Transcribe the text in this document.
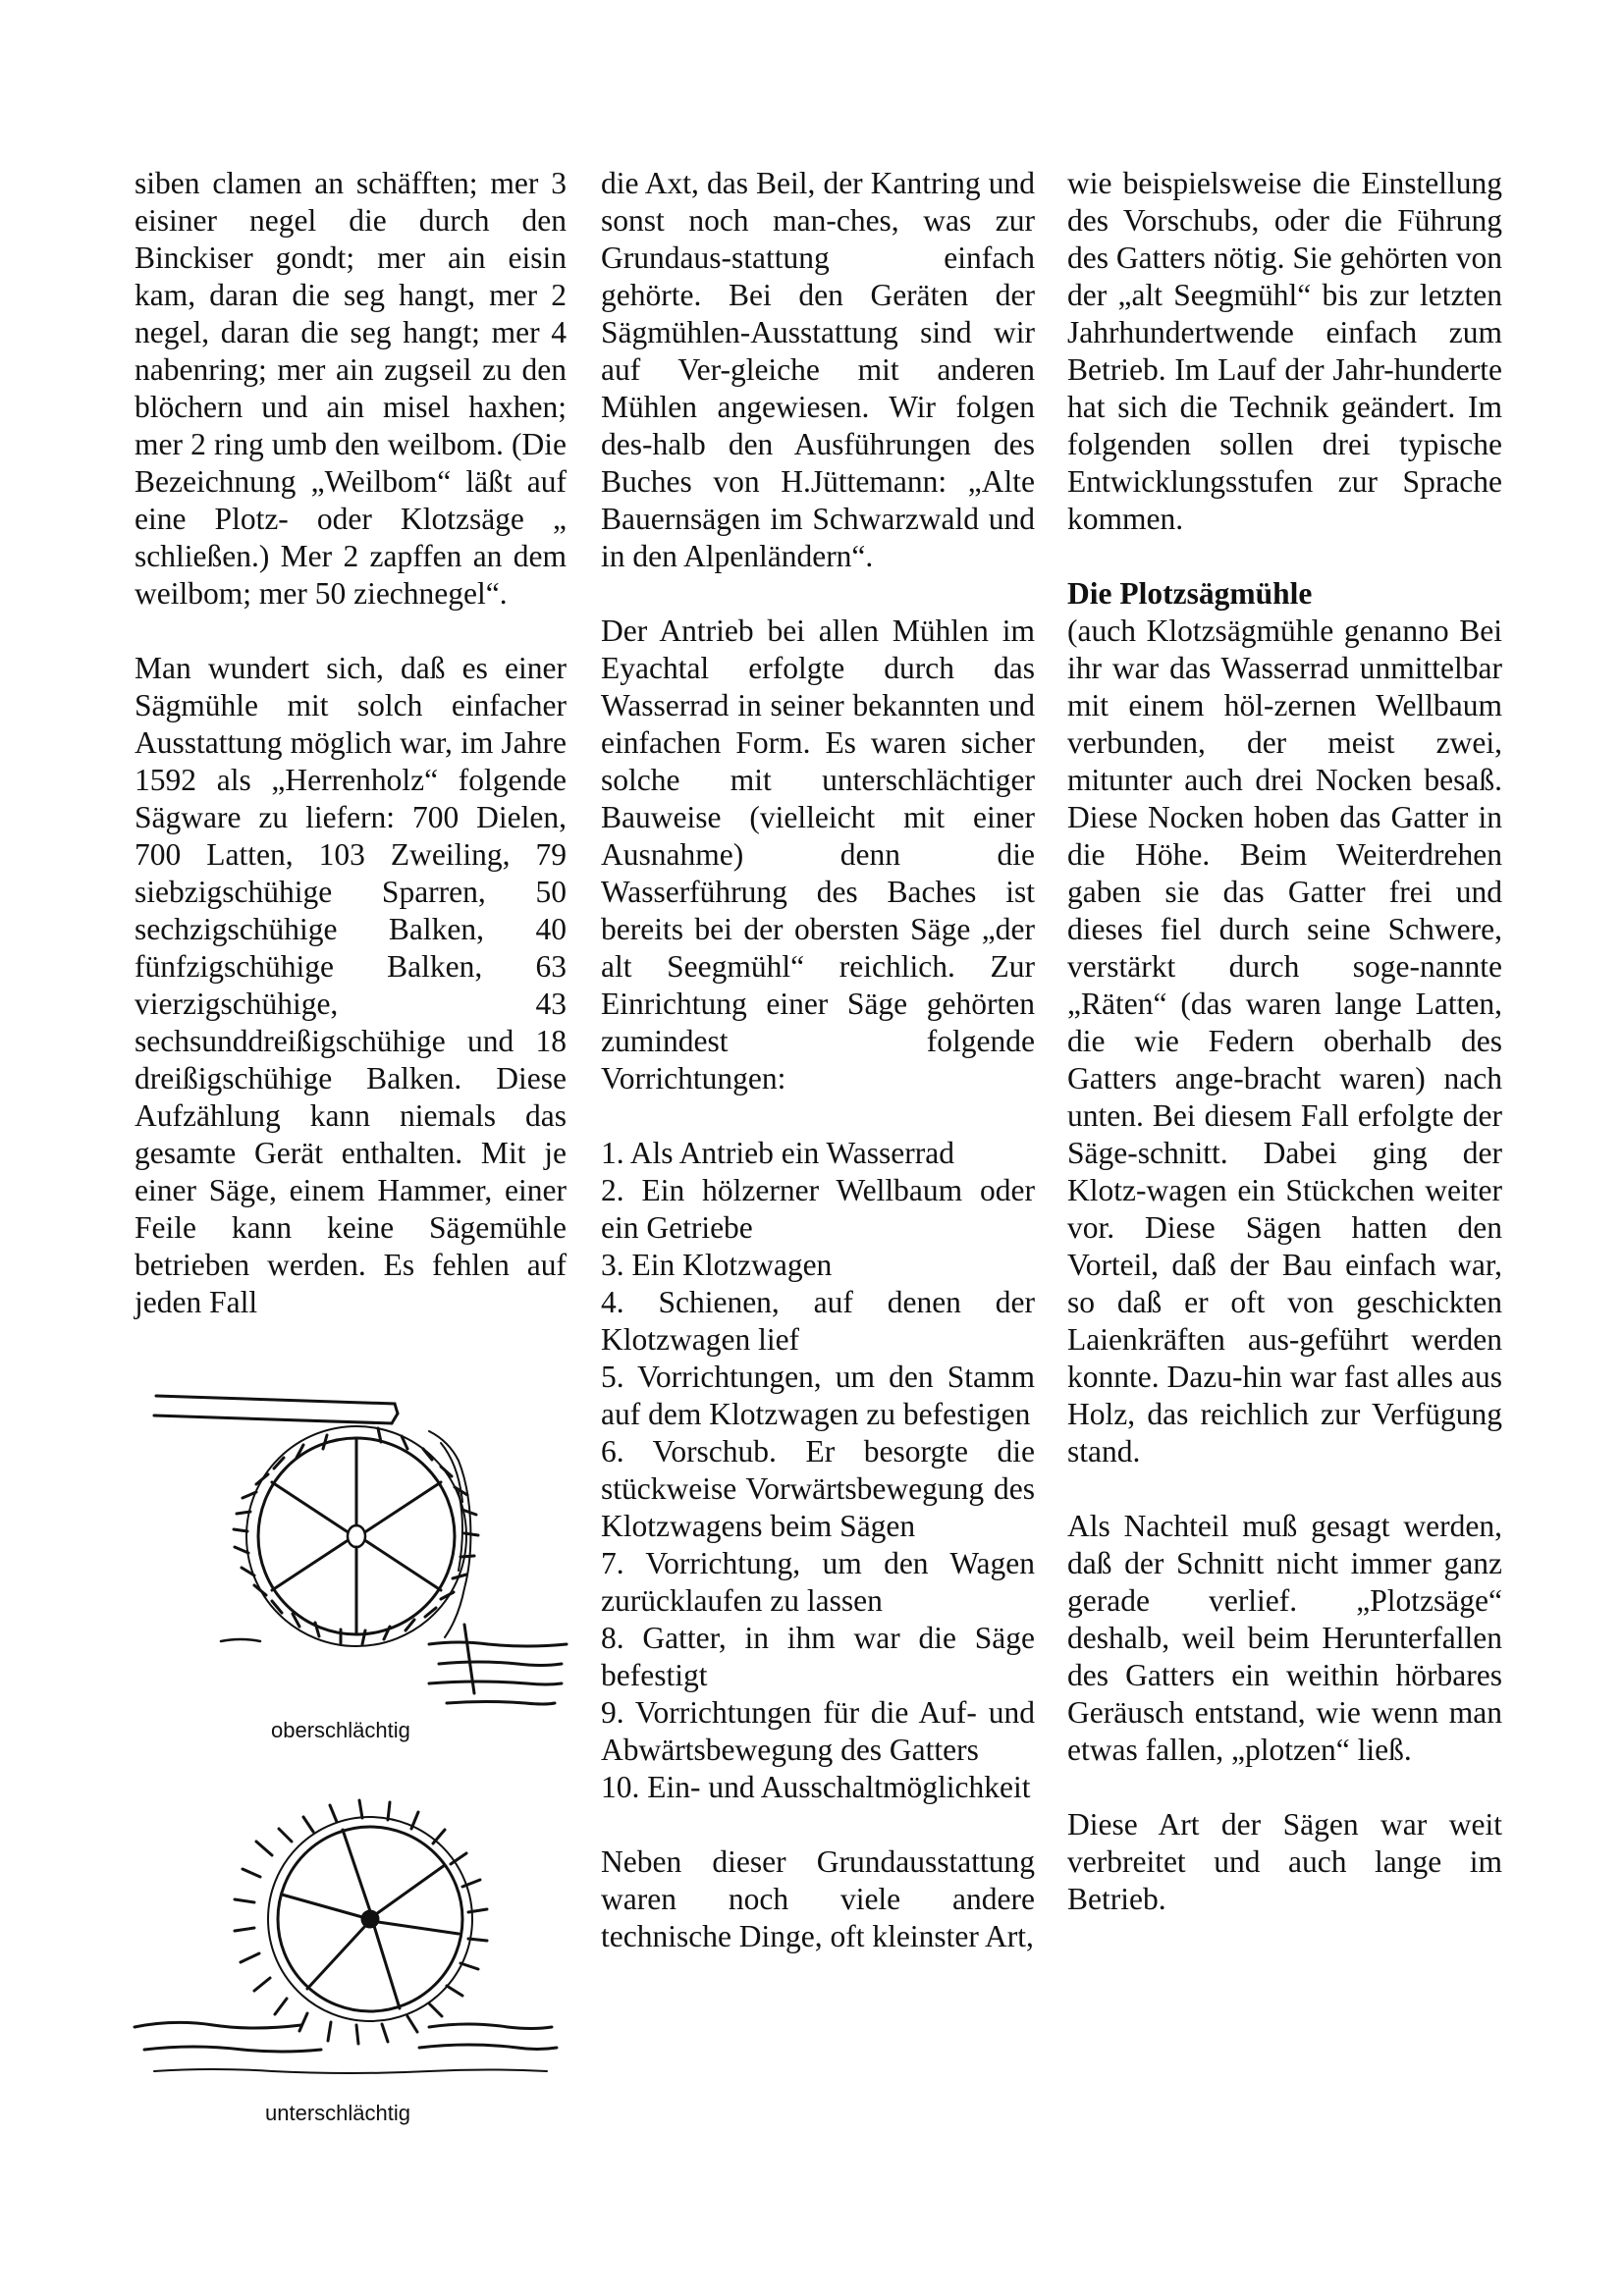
siben clamen an schäfften; mer 3 eisiner negel die durch den Binckiser gondt; mer ain eisin kam, daran die seg hangt, mer 2 negel, daran die seg hangt; mer 4 nabenring; mer ain zugseil zu den blöchern und ain misel haxhen; mer 2 ring umb den weilbom. (Die Bezeichnung „Weilbom“ läßt auf eine Plotz- oder Klotzsäge „ schließen.) Mer 2 zapffen an dem weilbom; mer 50 ziechnegel“.

Man wundert sich, daß es einer Sägmühle mit solch einfacher Ausstattung möglich war, im Jahre 1592 als „Herrenholz“ folgende Sägware zu liefern: 700 Dielen, 700 Latten, 103 Zweiling, 79 siebzigschühige Sparren, 50 sechzigschühige Balken, 40 fünfzigschühige Balken, 63 vierzigschühige, 43 sechsunddreißigschühige und 18 dreißigschühige Balken. Diese Aufzählung kann niemals das gesamte Gerät enthalten. Mit je einer Säge, einem Hammer, einer Feile kann keine Sägemühle betrieben werden. Es fehlen auf jeden Fall

die Axt, das Beil, der Kantring und sonst noch man-ches, was zur Grundaus-stattung einfach gehörte. Bei den Geräten der Sägmühlen-Ausstattung sind wir auf Ver-gleiche mit anderen Mühlen angewiesen. Wir folgen des-halb den Ausführungen des Buches von H.Jüttemann: „Alte Bauernsägen im Schwarzwald und in den Alpenländern“.

Der Antrieb bei allen Mühlen im Eyachtal erfolgte durch das Wasserrad in seiner bekannten und einfachen Form. Es waren sicher solche mit unterschlächtiger Bauweise (vielleicht mit einer Ausnahme) denn die Wasserführung des Baches ist bereits bei der obersten Säge „der alt Seegmühl“ reichlich. Zur Einrichtung einer Säge gehörten zumindest folgende Vorrichtungen:

1. Als Antrieb ein Wasserrad
2. Ein hölzerner Wellbaum oder ein Getriebe
3. Ein Klotzwagen
4. Schienen, auf denen der Klotzwagen lief
5. Vorrichtungen, um den Stamm auf dem Klotzwagen zu befestigen
6. Vorschub. Er besorgte die stückweise Vorwärtsbewegung des Klotzwagens beim Sägen
7. Vorrichtung, um den Wagen zurücklaufen zu lassen
8. Gatter, in ihm war die Säge befestigt
9. Vorrichtungen für die Auf- und Abwärtsbewegung des Gatters
10. Ein- und Ausschaltmöglichkeit

Neben dieser Grundausstattung waren noch viele andere technische Dinge, oft kleinster Art,

wie beispielsweise die Einstellung des Vorschubs, oder die Führung des Gatters nötig. Sie gehörten von der „alt Seegmühl“ bis zur letzten Jahrhundertwende einfach zum Betrieb. Im Lauf der Jahr-hunderte hat sich die Technik geändert. Im folgenden sollen drei typische Entwicklungsstufen zur Sprache kommen.

Die Plotzsägmühle

(auch Klotzsägmühle genanno Bei ihr war das Wasserrad unmittelbar mit einem höl-zernen Wellbaum verbunden, der meist zwei, mitunter auch drei Nocken besaß. Diese Nocken hoben das Gatter in die Höhe. Beim Weiterdrehen gaben sie das Gatter frei und dieses fiel durch seine Schwere, verstärkt durch soge-nannte „Räten“ (das waren lange Latten, die wie Federn oberhalb des Gatters ange-bracht waren) nach unten. Bei diesem Fall erfolgte der Säge-schnitt. Dabei ging der Klotz-wagen ein Stückchen weiter vor. Diese Sägen hatten den Vorteil, daß der Bau einfach war, so daß er oft von geschickten Laienkräften aus-geführt werden konnte. Dazu-hin war fast alles aus Holz, das reichlich zur Verfügung stand.

Als Nachteil muß gesagt werden, daß der Schnitt nicht immer ganz gerade verlief. „Plotzsäge“ deshalb, weil beim Herunterfallen des Gatters ein weithin hörbares Geräusch entstand, wie wenn man etwas fallen, „plotzen“ ließ.

Diese Art der Sägen war weit verbreitet und auch lange im Betrieb.

oberschlächtig
unterschlächtig
